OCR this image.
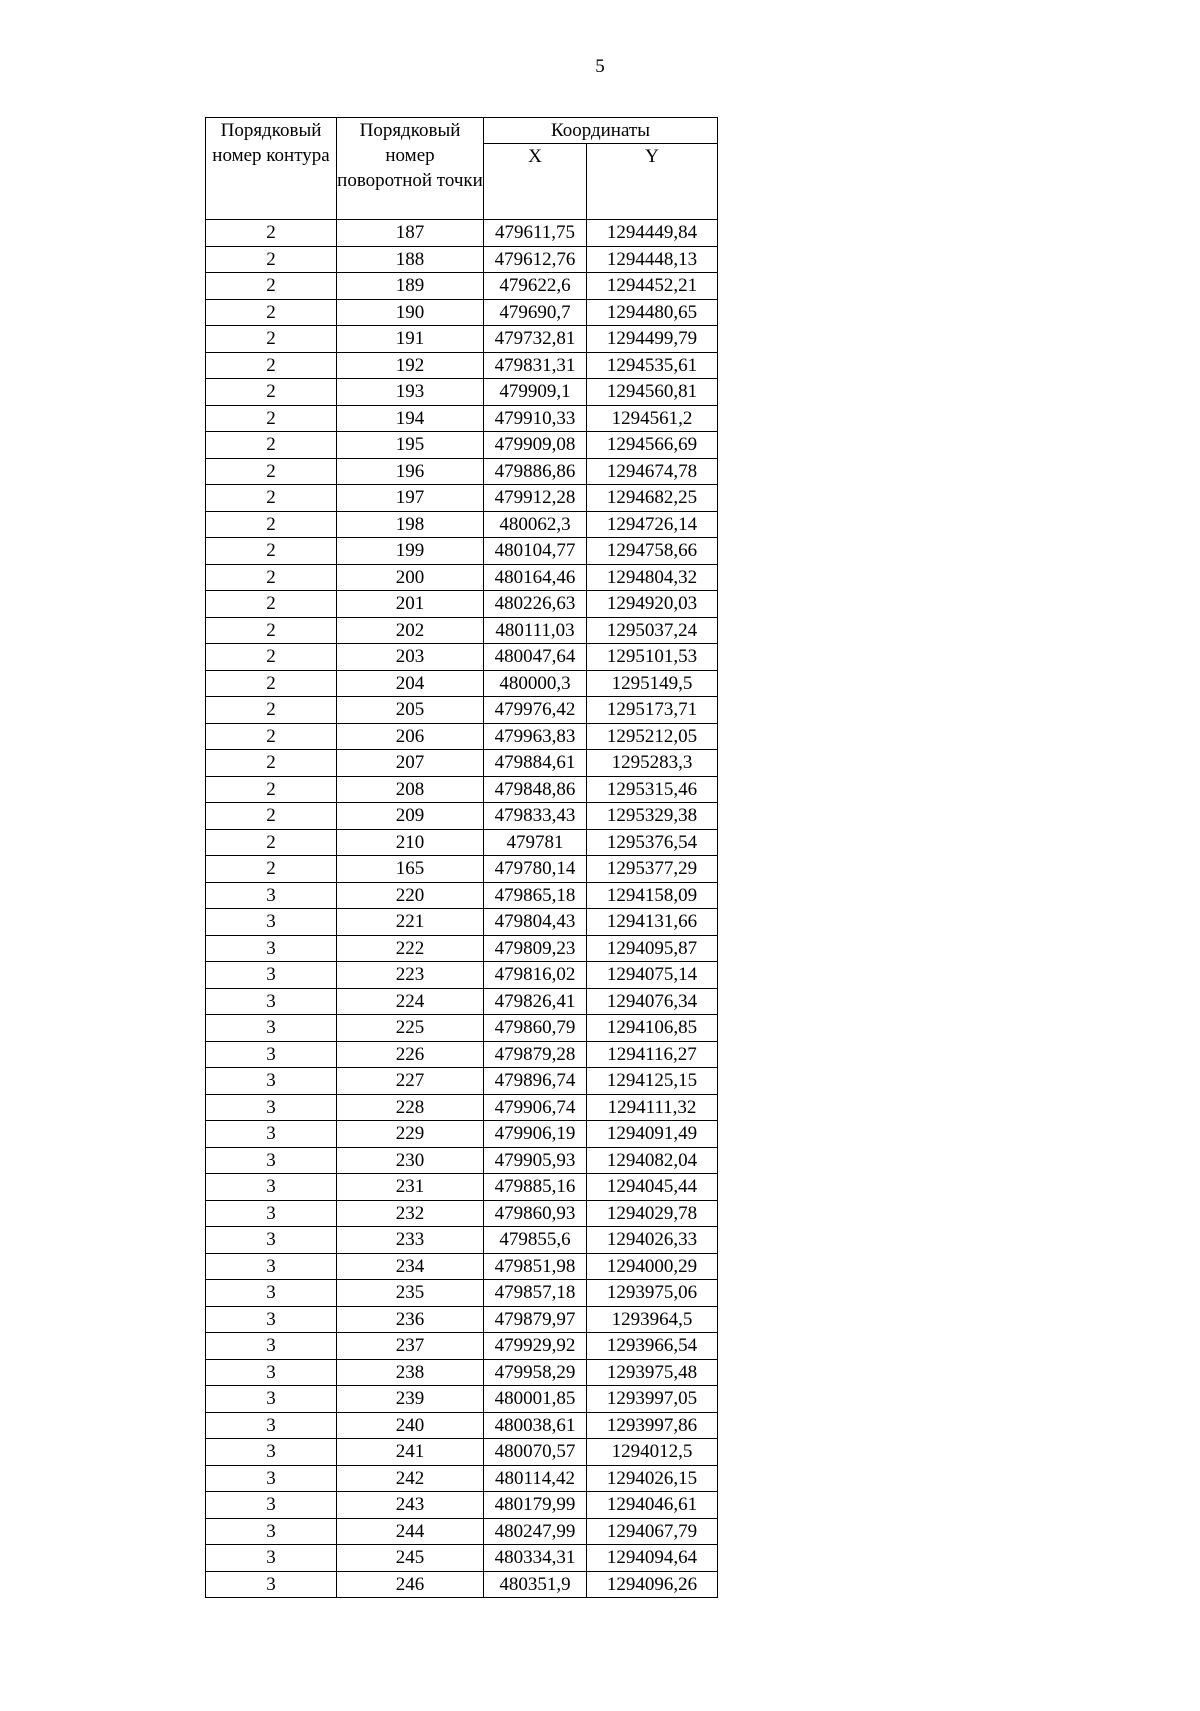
5
Порядковый номер контура	Порядковый номер поворотной точки	Координаты	
		X	Y
2	187	479611,75	1294449,84
2	188	479612,76	1294448,13
2	189	479622,6	1294452,21
2	190	479690,7	1294480,65
2	191	479732,81	1294499,79
2	192	479831,31	1294535,61
2	193	479909,1	1294560,81
2	194	479910,33	1294561,2
2	195	479909,08	1294566,69
2	196	479886,86	1294674,78
2	197	479912,28	1294682,25
2	198	480062,3	1294726,14
2	199	480104,77	1294758,66
2	200	480164,46	1294804,32
2	201	480226,63	1294920,03
2	202	480111,03	1295037,24
2	203	480047,64	1295101,53
2	204	480000,3	1295149,5
2	205	479976,42	1295173,71
2	206	479963,83	1295212,05
2	207	479884,61	1295283,3
2	208	479848,86	1295315,46
2	209	479833,43	1295329,38
2	210	479781	1295376,54
2	165	479780,14	1295377,29
3	220	479865,18	1294158,09
3	221	479804,43	1294131,66
3	222	479809,23	1294095,87
3	223	479816,02	1294075,14
3	224	479826,41	1294076,34
3	225	479860,79	1294106,85
3	226	479879,28	1294116,27
3	227	479896,74	1294125,15
3	228	479906,74	1294111,32
3	229	479906,19	1294091,49
3	230	479905,93	1294082,04
3	231	479885,16	1294045,44
3	232	479860,93	1294029,78
3	233	479855,6	1294026,33
3	234	479851,98	1294000,29
3	235	479857,18	1293975,06
3	236	479879,97	1293964,5
3	237	479929,92	1293966,54
3	238	479958,29	1293975,48
3	239	480001,85	1293997,05
3	240	480038,61	1293997,86
3	241	480070,57	1294012,5
3	242	480114,42	1294026,15
3	243	480179,99	1294046,61
3	244	480247,99	1294067,79
3	245	480334,31	1294094,64
3	246	480351,9	1294096,26
